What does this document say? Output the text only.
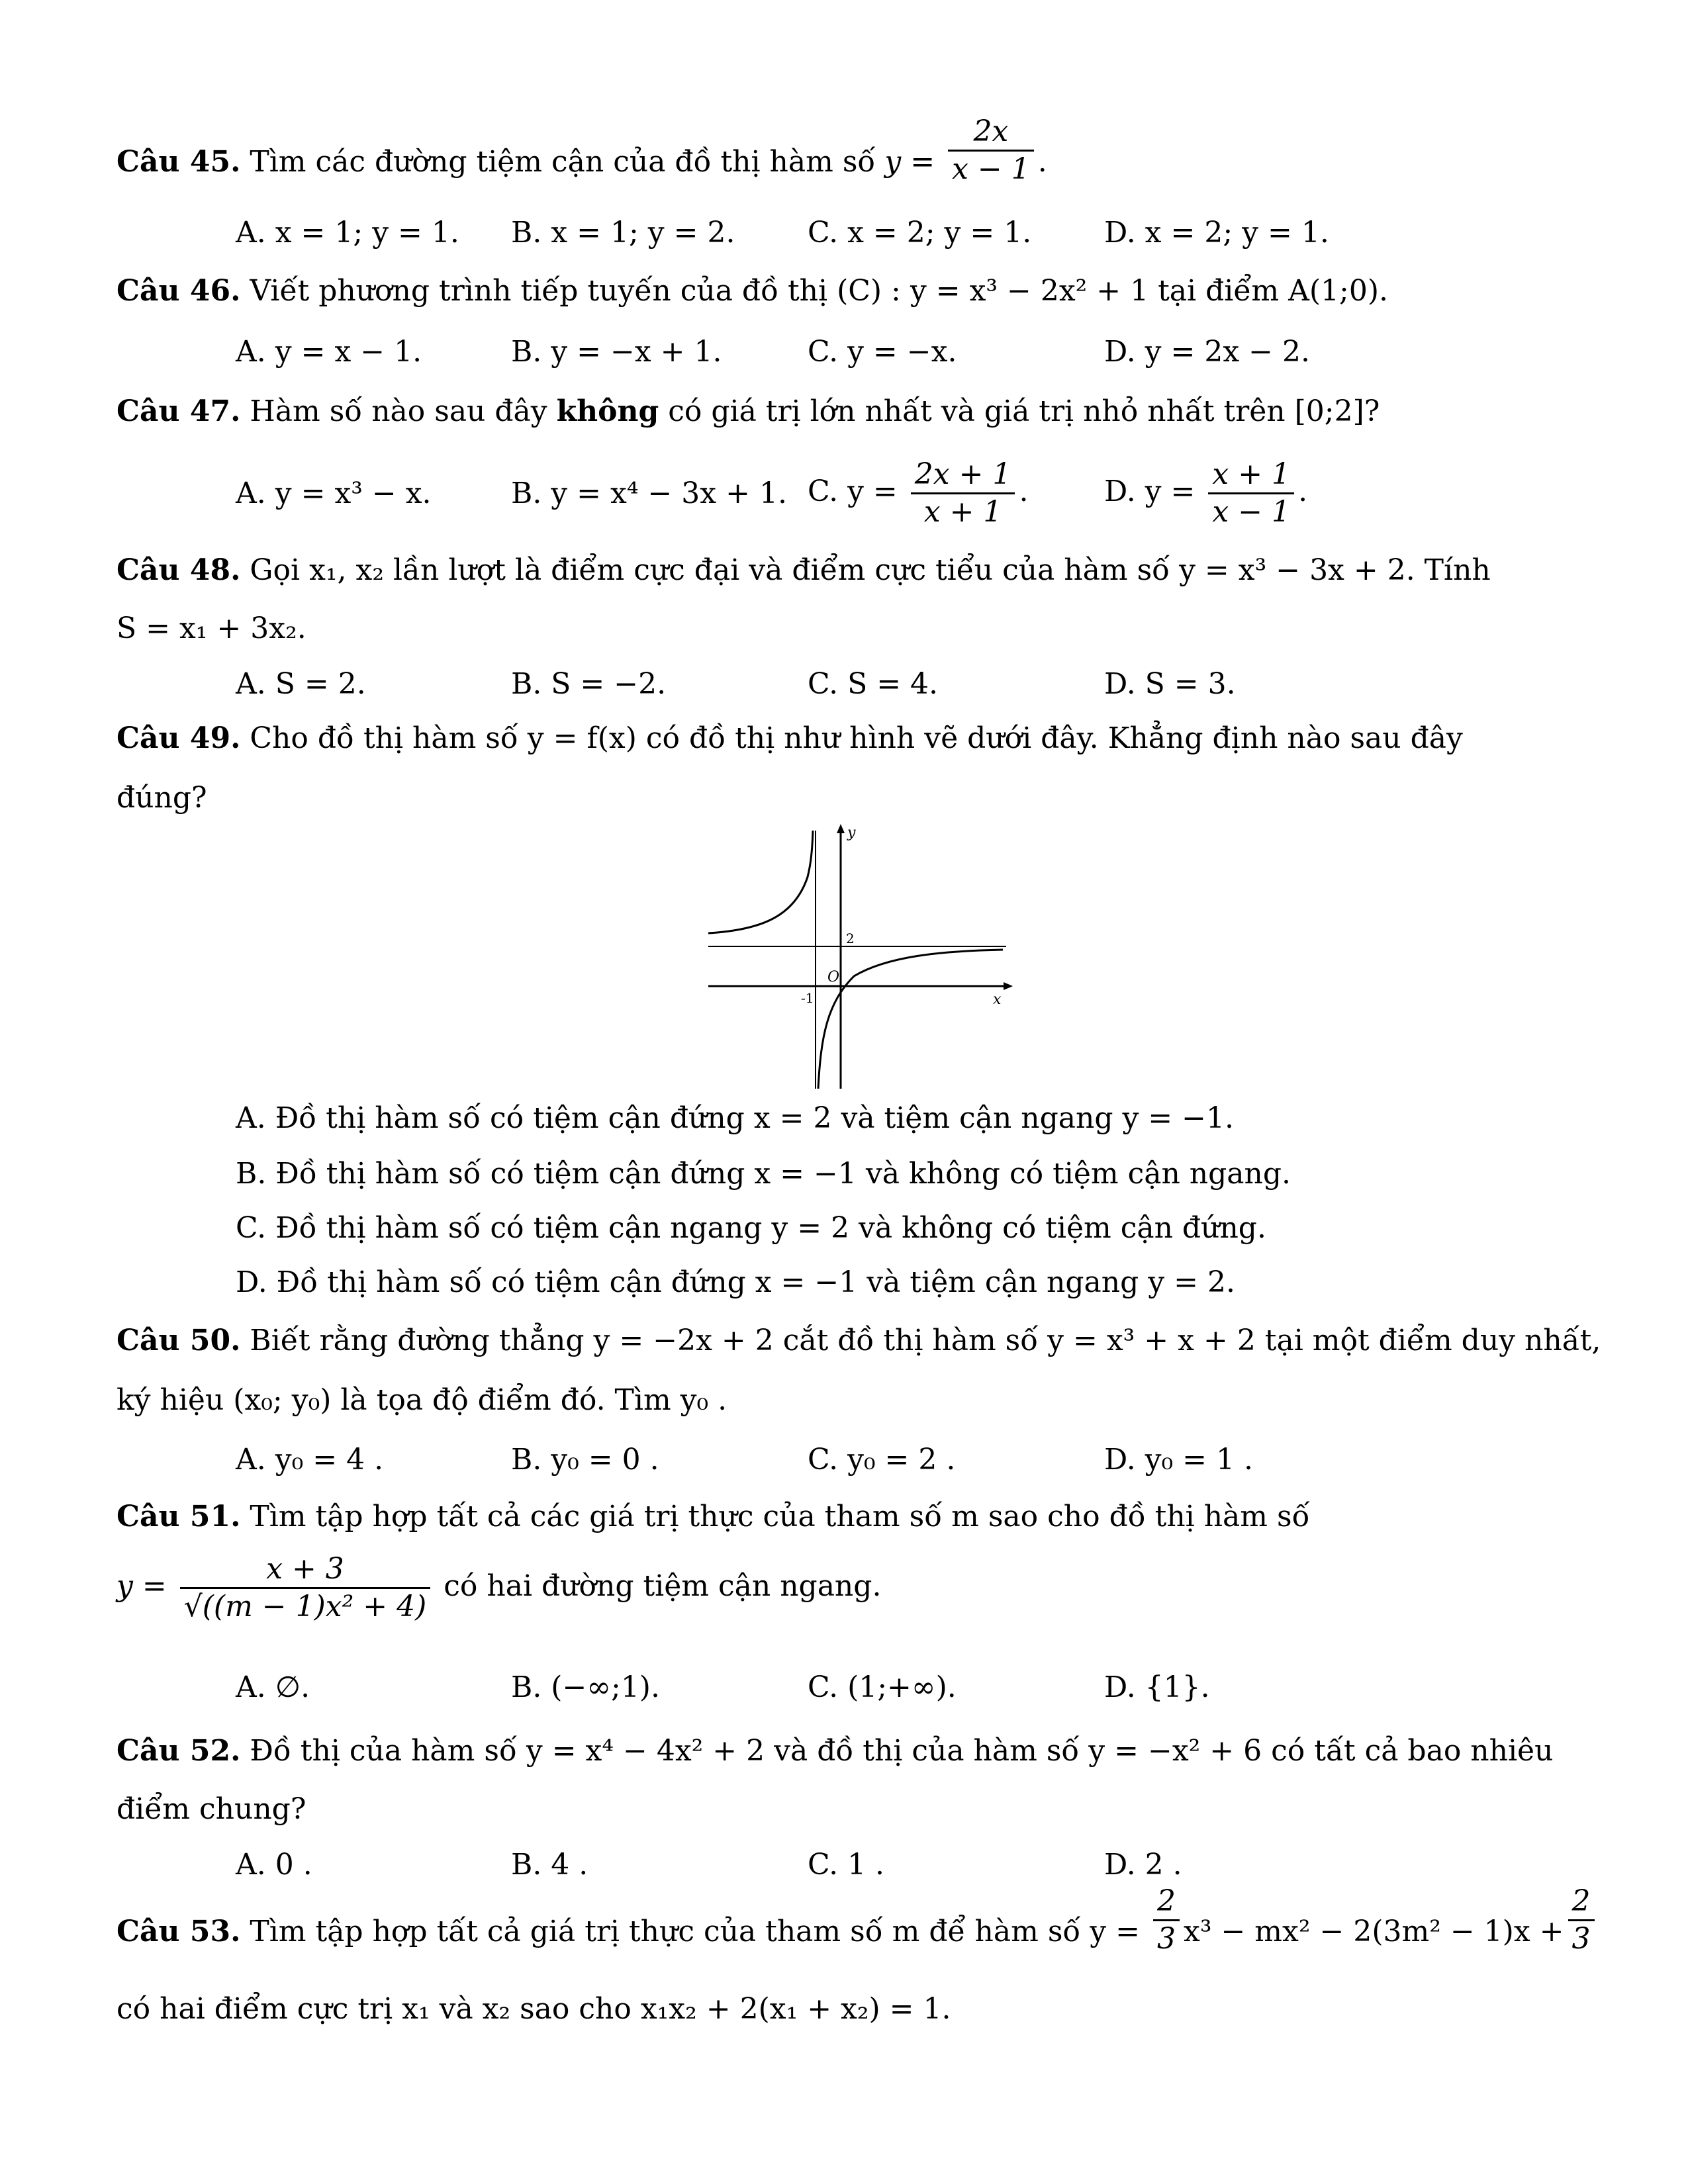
Câu 45. Tìm các đường tiệm cận của đồ thị hàm số $y = \frac{2x}{x - 1}$ .
A. x = 1; y = 1. B. x = 1; y = 2. C. x = 2; y = 1. D. x = 2; y = 1.
Câu 46. Viết phương trình tiếp tuyến của đồ thị (C) : y = x³ − 2x² + 1 tại điểm A(1;0).
A. y = x − 1.	B. y = −x + 1.	C. y = −x.	D. y = 2x − 2.
Câu 47. Hàm số nào sau đây không có giá trị lớn nhất và giá trị nhỏ nhất trên [0;2]?
A. y = x³ − x.	B. y = x⁴ − 3x + 1. C. $y = \frac{2x + 1}{x + 1}$ .	D. $y = \frac{x + 1}{x - 1}$ .
Câu 48. Gọi x₁, x₂ lần lượt là điểm cực đại và điểm cực tiểu của hàm số y = x³ − 3x + 2. Tính
S = x₁ + 3x₂.
A. S = 2.	B. S = −2.	C. S = 4.	D. S = 3.
Câu 49. Cho đồ thị hàm số y = f(x) có đồ thị như hình vẽ dưới đây. Khẳng định nào sau đây
đúng?
y
x
O
2
-1
A. Đồ thị hàm số có tiệm cận đứng x = 2 và tiệm cận ngang y = −1.
B. Đồ thị hàm số có tiệm cận đứng x = −1 và không có tiệm cận ngang.
C. Đồ thị hàm số có tiệm cận ngang y = 2 và không có tiệm cận đứng.
D. Đồ thị hàm số có tiệm cận đứng x = −1 và tiệm cận ngang y = 2.
Câu 50. Biết rằng đường thẳng y = −2x + 2 cắt đồ thị hàm số y = x³ + x + 2 tại một điểm duy nhất,
ký hiệu (x₀; y₀) là tọa độ điểm đó. Tìm y₀ .
A. y₀ = 4 .	B. y₀ = 0 .	C. y₀ = 2 .	D. y₀ = 1 .
Câu 51. Tìm tập hợp tất cả các giá trị thực của tham số m sao cho đồ thị hàm số
$y = \frac{x + 3}{\text{√((m − 1)x² + 4)}}$ có hai đường tiệm cận ngang.
A. ∅.	B. (−∞;1).	C. (1;+∞).	D. {1}.
Câu 52. Đồ thị của hàm số y = x⁴ − 4x² + 2 và đồ thị của hàm số y = −x² + 6 có tất cả bao nhiêu
điểm chung?
A. 0 .	B. 4 .	C. 1 .	D. 2 .
Câu 53. Tìm tập hợp tất cả giá trị thực của tham số m để hàm số $y = \frac{2}{3} x^3 - mx^2 - 2(3m^2 - 1)x + \frac{2}{3}$
có hai điểm cực trị x₁ và x₂ sao cho x₁x₂ + 2(x₁ + x₂) = 1.
